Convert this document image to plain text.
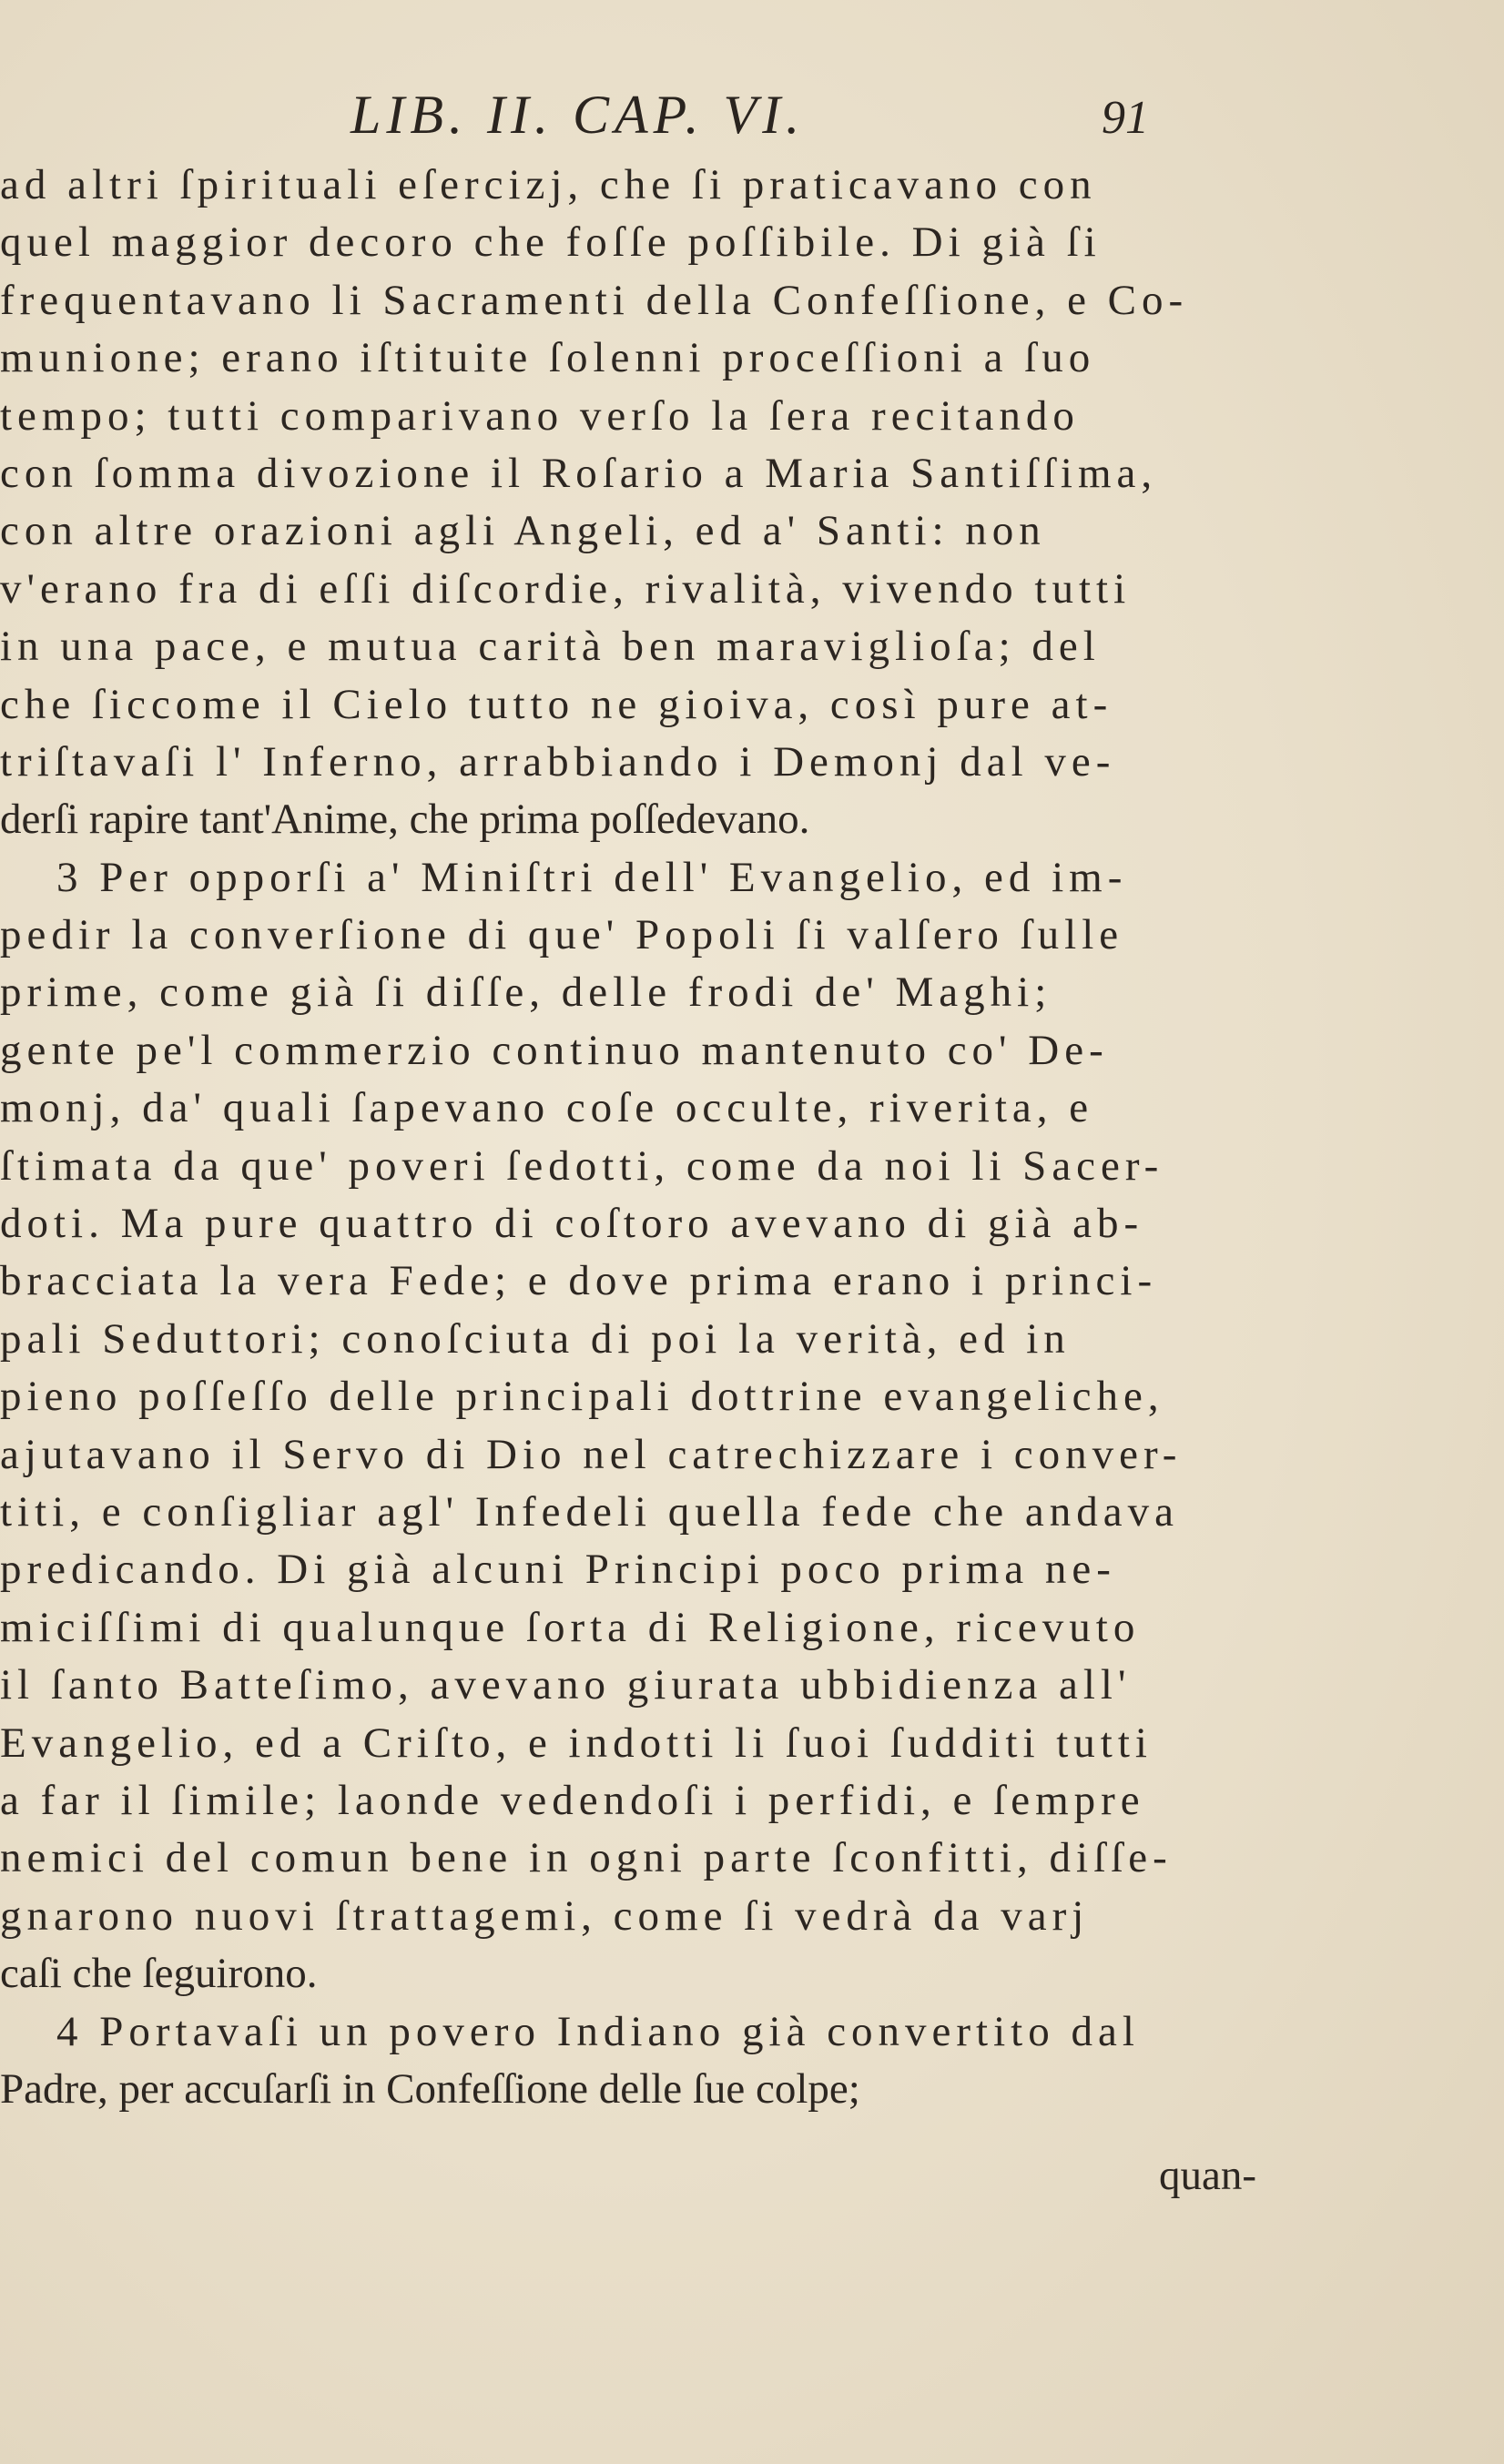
LIB. II. CAP. VI.	91
ad altri ſpirituali eſercizj, che ſi praticavano con
quel maggior decoro che foſſe poſſibile. Di già ſi
frequentavano li Sacramenti della Confeſſione, e Co-
munione; erano iſtituite ſolenni proceſſioni a ſuo
tempo; tutti comparivano verſo la ſera recitando
con ſomma divozione il Roſario a Maria Santiſſima,
con altre orazioni agli Angeli, ed a' Santi: non
v'erano fra di eſſi diſcordie, rivalità, vivendo tutti
in una pace, e mutua carità ben maraviglioſa; del
che ſiccome il Cielo tutto ne gioiva, così pure at-
triſtavaſi l' Inferno, arrabbiando i Demonj dal ve-
derſi rapire tant'Anime, che prima poſſedevano.
3 Per opporſi a' Miniſtri dell' Evangelio, ed im-
pedir la converſione di que' Popoli ſi valſero ſulle
prime, come già ſi diſſe, delle frodi de' Maghi;
gente pe'l commerzio continuo mantenuto co' De-
monj, da' quali ſapevano coſe occulte, riverita, e
ſtimata da que' poveri ſedotti, come da noi li Sacer-
doti. Ma pure quattro di coſtoro avevano di già ab-
bracciata la vera Fede; e dove prima erano i princi-
pali Seduttori; conoſciuta di poi la verità, ed in
pieno poſſeſſo delle principali dottrine evangeliche,
ajutavano il Servo di Dio nel catrechizzare i conver-
titi, e conſigliar agl' Infedeli quella fede che andava
predicando. Di già alcuni Principi poco prima ne-
miciſſimi di qualunque ſorta di Religione, ricevuto
il ſanto Batteſimo, avevano giurata ubbidienza all'
Evangelio, ed a Criſto, e indotti li ſuoi ſudditi tutti
a far il ſimile; laonde vedendoſi i perfidi, e ſempre
nemici del comun bene in ogni parte ſconfitti, diſſe-
gnarono nuovi ſtrattagemi, come ſi vedrà da varj
caſi che ſeguirono.
4 Portavaſi un povero Indiano già convertito dal
Padre, per accuſarſi in Confeſſione delle ſue colpe;
quan-
